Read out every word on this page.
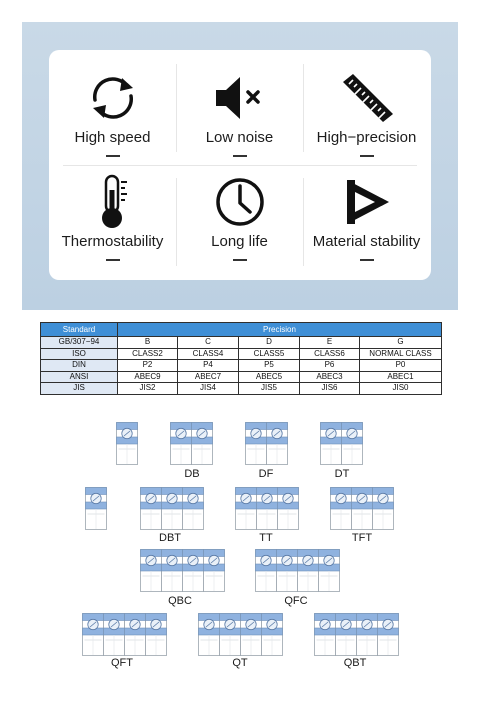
High speed	Low noise	High−precision
Thermostability	Long life	Material stability
Standard	Precision				
GB/307−94	B	C	D	E	G
ISO	CLASS2	CLASS4	CLASS5	CLASS6	NORMAL CLASS
DIN	P2	P4	P5	P6	P0
ANSI	ABEC9	ABEC7	ABEC5	ABEC3	ABEC1
JIS	JIS2	JIS4	JIS5	JIS6	JIS0
DB	DF	DT
DBT	TT	TFT
QBC	QFC
QFT	QT	QBT
